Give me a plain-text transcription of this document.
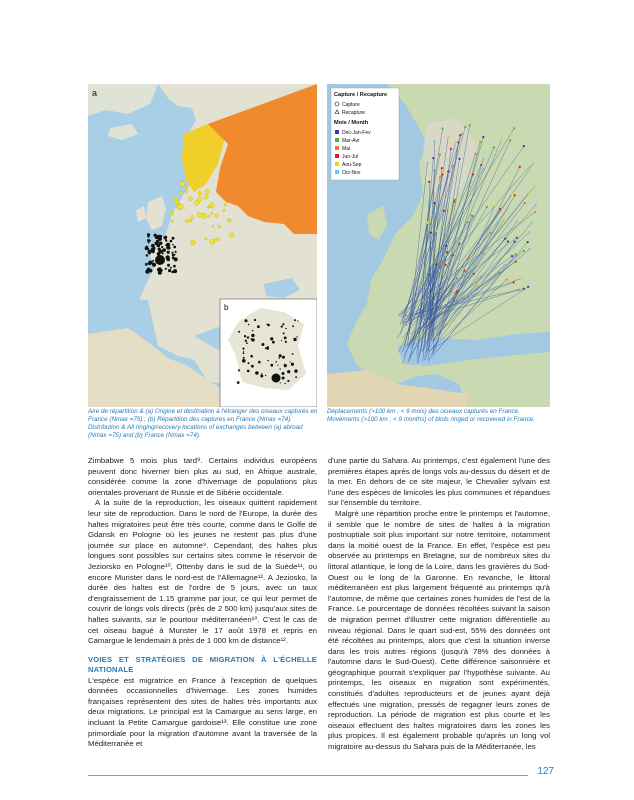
a
b
Capture / Recapture
Capture
Recapture
Mois / Month
Dec-Jan-Fev
Mar-Avr
Mai
Jun-Jul
Aou-Sep
Oct-Nov
Aire de répartition & (a) Origine et destination à l'étranger des oiseaux capturés en France (Nmax =75) ; (b) Répartition des captures en France (Nmax =74). Distribution & All ringing/recovery locations of exchanges between (a) abroad (Nmax =75) and (b) France (Nmax =74).
Déplacements (>100 km ; < 9 mois) des oiseaux capturés en France. Movements (>100 km ; < 9 months) of birds ringed or recovered in France.

Zimbabwe 5 mois plus tard⁹. Certains individus européens peuvent donc hiverner bien plus au sud, en Afrique australe, considérée comme la zone d'hivernage de populations plus orientales provenant de Russie et de Sibérie occidentale.

A la suite de la reproduction, les oiseaux quittent rapidement leur site de reproduction. Dans le nord de l'Europe, la durée des haltes migratoires peut être très courte, comme dans le Golfe de Gdansk en Pologne où les jeunes ne restent pas plus d'une journée sur place en automne⁹. Cependant, des haltes plus longues sont possibles sur certains sites comme le réservoir de Jeziorsko en Pologne¹⁰, Ottenby dans le sud de la Suède¹¹, ou encore Munster dans le nord-est de l'Allemagne¹². A Jeziosko, la durée des haltes est de l'ordre de 5 jours, avec un taux d'engraissement de 1.15 gramme par jour, ce qui leur permet de couvrir de longs vols directs (près de 2 500 km) jusqu'aux sites de haltes suivants, sur le pourtour méditerranéen¹⁰. C'est le cas de cet oiseau bagué à Munster le 17 août 1978 et repris en Camargue le lendemain à près de 1 000 km de distance¹².

VOIES ET STRATÉGIES DE MIGRATION À L'ÉCHELLE NATIONALE

L'espèce est migratrice en France à l'exception de quelques données occasionnelles d'hivernage. Les zones humides françaises représentent des sites de haltes très importants aux deux migrations. Le principal est la Camargue au sens large, en incluant la Petite Camargue gardoise¹³. Elle constitue une zone primordiale pour la migration d'automne avant la traversée de la Méditerranée et

d'une partie du Sahara. Au printemps, c'est également l'une des premières étapes après de longs vols au-dessus du désert et de la mer. En dehors de ce site majeur, le Chevalier sylvain est l'une des espèces de limicoles les plus communes et répandues sur l'ensemble du territoire.

Malgré une répartition proche entre le printemps et l'automne, il semble que le nombre de sites de haltes à la migration postnuptiale soit plus important sur notre territoire, notamment dans la moitié ouest de la France. En effet, l'espèce est peu observée au printemps en Bretagne, sur de nombreux sites du littoral atlantique, le long de la Loire, dans les gravières du Sud-Ouest ou le long de la Garonne. En revanche, le littoral méditerranéen est plus largement fréquenté au printemps qu'à l'automne, de même que certaines zones humides de l'est de la France. Le pourcentage de données récoltées suivant la saison de migration permet d'illustrer cette migration différentielle au niveau régional. Dans le quart sud-est, 55% des données ont été récoltées au printemps, alors que c'est la situation inverse dans les trois autres régions (jusqu'à 78% des données à l'automne dans le Sud-Ouest). Cette différence saisonnière et géographique pourrait s'expliquer par l'hypothèse suivante. Au printemps, les oiseaux en migration sont expérimentés, constitués d'adultes reproducteurs et de jeunes ayant déjà effectués une migration, pressés de regagner leurs zones de reproduction. La période de migration est plus courte et les oiseaux effectuent des haltes migratoires dans les zones les plus propices. Il est également probable qu'après un long vol migratoire au-dessus du Sahara puis de la Méditerranée, les

127
